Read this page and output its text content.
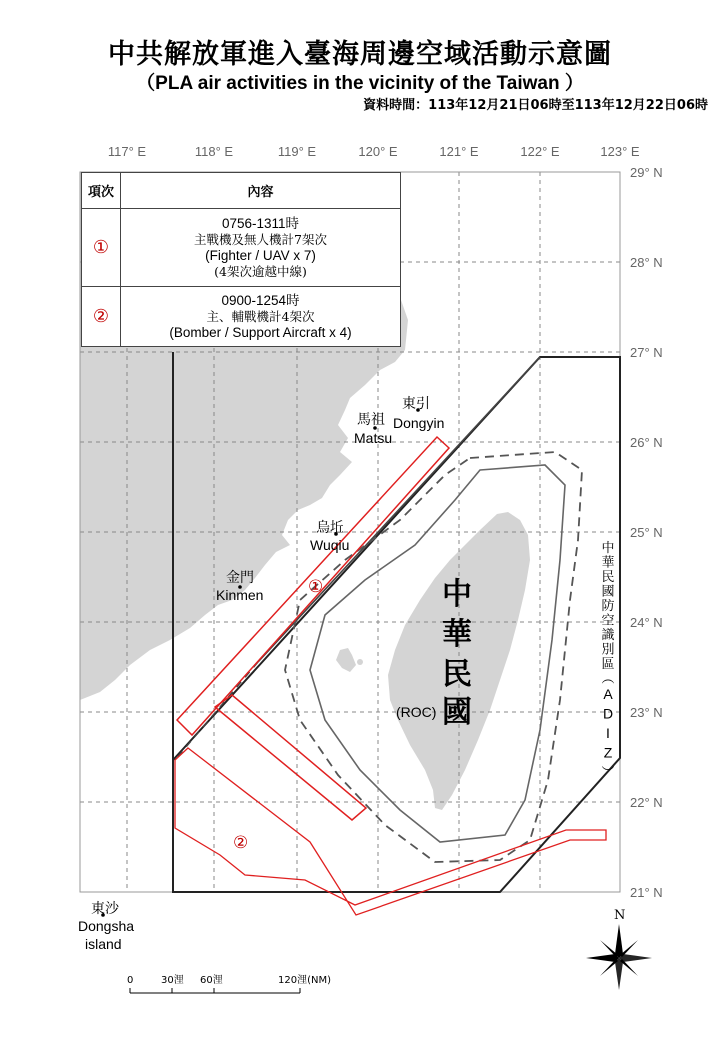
中共解放軍進入臺海周邊空域活動示意圖
（PLA air activities in the vicinity of the Taiwan ）
資料時間：113年12月21日06時至113年12月22日06時
117° E	118° E	119° E	120° E	121° E	122° E	123° E
29° N
28° N
27° N
26° N
25° N
24° N
23° N
22° N
21° N
①
②
東引
Dongyin
馬祖
Matsu
烏坵
Wuqiu
金門
Kinmen
東沙
Dongsha
island
中
華
民
國
(ROC)
中
華
民
國
防
空
識
別
區
︵
A
D
I
Z
︶
N
0	30浬 60浬	120浬(NM)
項次	內容
①	0756-1311時
主戰機及無人機計7架次
(Fighter / UAV x 7)
(4架次逾越中線)

②	0900-1254時
主、輔戰機計4架次
(Bomber / Support Aircraft x 4)
